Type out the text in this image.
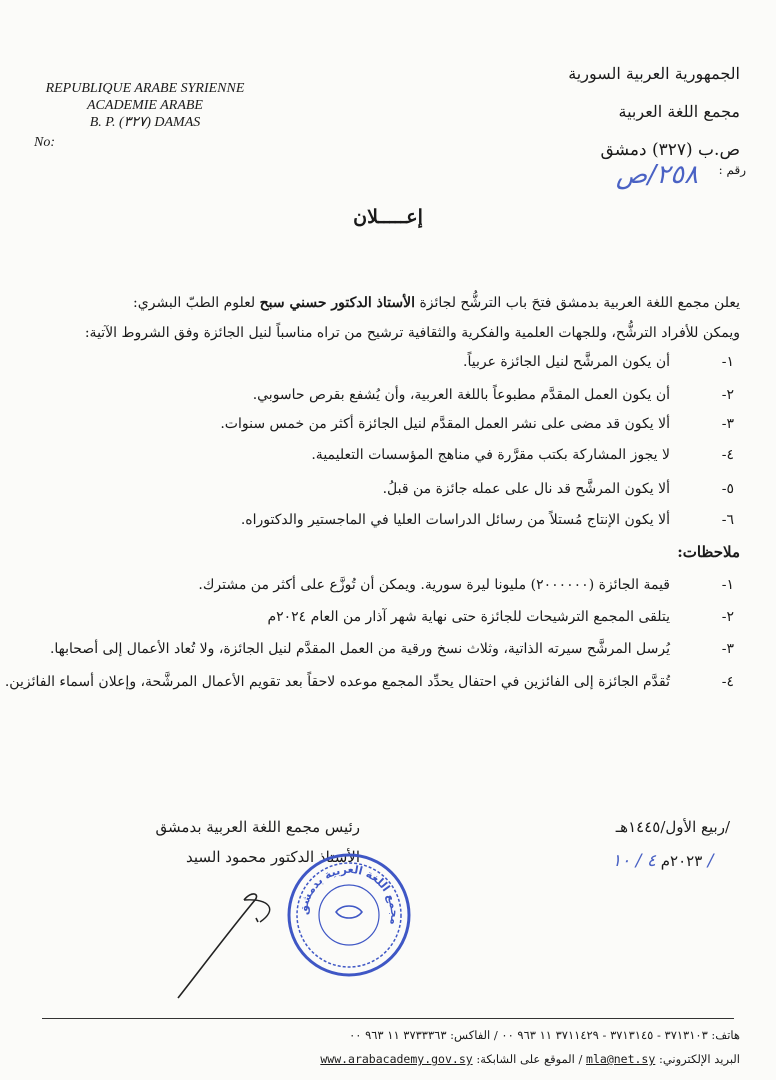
REPUBLIQUE ARABE SYRIENNE
ACADEMIE ARABE
B. P. (٣٢٧) DAMAS
No:
الجمهورية العربية السورية
مجمع اللغة العربية
ص.ب (٣٢٧) دمشق
رقم :
٢٥٨/ص
إعـــــلان
يعلن مجمع اللغة العربية بدمشق فتحَ باب الترشُّح لجائزة الأستاذ الدكتور حسني سبح لعلوم الطبّ البشري:
ويمكن للأفراد الترشُّح، وللجهات العلمية والفكرية والثقافية ترشيح من تراه مناسباً لنيل الجائزة وفق الشروط الآتية:
١-
أن يكون المرشَّح لنيل الجائزة عربياً.
٢-
أن يكون العمل المقدَّم مطبوعاً باللغة العربية، وأن يُشفع بقرص حاسوبي.
٣-
ألا يكون قد مضى على نشر العمل المقدَّم لنيل الجائزة أكثر من خمس سنوات.
٤-
لا يجوز المشاركة بكتب مقرَّرة في مناهج المؤسسات التعليمية.
٥-
ألا يكون المرشَّح قد نال على عمله جائزة من قبلُ.
٦-
ألا يكون الإنتاج مُستلاً من رسائل الدراسات العليا في الماجستير والدكتوراه.
ملاحظات:
١-
قيمة الجائزة (٢٠٠٠٠٠٠) مليونا ليرة سورية. ويمكن أن تُوزَّع على أكثر من مشترك.
٢-
يتلقى المجمع الترشيحات للجائزة حتى نهاية شهر آذار من العام ٢٠٢٤م
٣-
يُرسل المرشَّح سيرته الذاتية، وثلاث نسخ ورقية من العمل المقدَّم لنيل الجائزة، ولا تُعاد الأعمال إلى أصحابها.
٤-
تُقدَّم الجائزة إلى الفائزين في احتفال يحدِّد المجمع موعده لاحقاً بعد تقويم الأعمال المرشَّحة، وإعلان أسماء الفائزين.
/ربيع الأول/١٤٤٥هـ
٢٠٢٣م ٤ / ١٠ /
رئيس مجمع اللغة العربية بدمشق
الأستاذ الدكتور محمود السيد
مجمع اللغة العربية بدمشق
هاتف: ٣٧١٣١٠٣ - ٣٧١٣١٤٥ - ٣٧١١٤٢٩ ١١ ٩٦٣ ٠٠ / الفاكس: ٣٧٣٣٣٦٣ ١١ ٩٦٣ ٠٠
البريد الإلكتروني: mla@net.sy / الموقع على الشابكة: www.arabacademy.gov.sy
